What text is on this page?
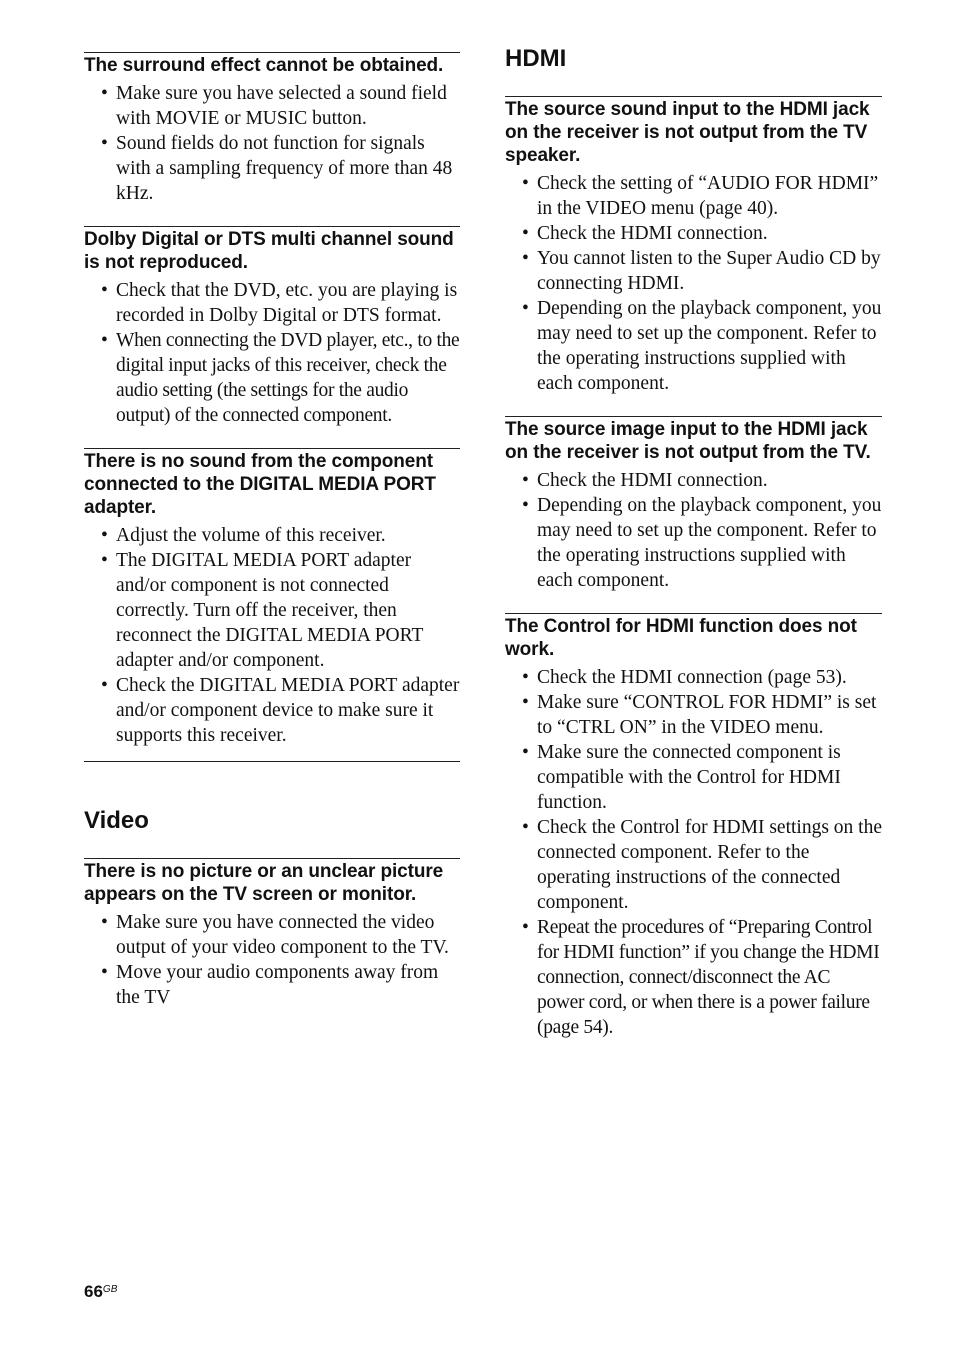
The surround effect cannot be obtained.
• Make sure you have selected a sound field with MOVIE or MUSIC button.
• Sound fields do not function for signals with a sampling frequency of more than 48 kHz.
Dolby Digital or DTS multi channel sound is not reproduced.
• Check that the DVD, etc. you are playing is recorded in Dolby Digital or DTS format.
• When connecting the DVD player, etc., to the digital input jacks of this receiver, check the audio setting (the settings for the audio output) of the connected component.
There is no sound from the component connected to the DIGITAL MEDIA PORT adapter.
• Adjust the volume of this receiver.
• The DIGITAL MEDIA PORT adapter and/or component is not connected correctly. Turn off the receiver, then reconnect the DIGITAL MEDIA PORT adapter and/or component.
• Check the DIGITAL MEDIA PORT adapter and/or component device to make sure it supports this receiver.
Video
There is no picture or an unclear picture appears on the TV screen or monitor.
• Make sure you have connected the video output of your video component to the TV.
• Move your audio components away from the TV
HDMI
The source sound input to the HDMI jack on the receiver is not output from the TV speaker.
• Check the setting of “AUDIO FOR HDMI” in the VIDEO menu (page 40).
• Check the HDMI connection.
• You cannot listen to the Super Audio CD by connecting HDMI.
• Depending on the playback component, you may need to set up the component. Refer to the operating instructions supplied with each component.
The source image input to the HDMI jack on the receiver is not output from the TV.
• Check the HDMI connection.
• Depending on the playback component, you may need to set up the component. Refer to the operating instructions supplied with each component.
The Control for HDMI function does not work.
• Check the HDMI connection (page 53).
• Make sure “CONTROL FOR HDMI” is set to “CTRL ON” in the VIDEO menu.
• Make sure the connected component is compatible with the Control for HDMI function.
• Check the Control for HDMI settings on the connected component. Refer to the operating instructions of the connected component.
• Repeat the procedures of “Preparing Control for HDMI function” if you change the HDMI connection, connect/disconnect the AC power cord, or when there is a power failure (page 54).
$66^{GB}$
